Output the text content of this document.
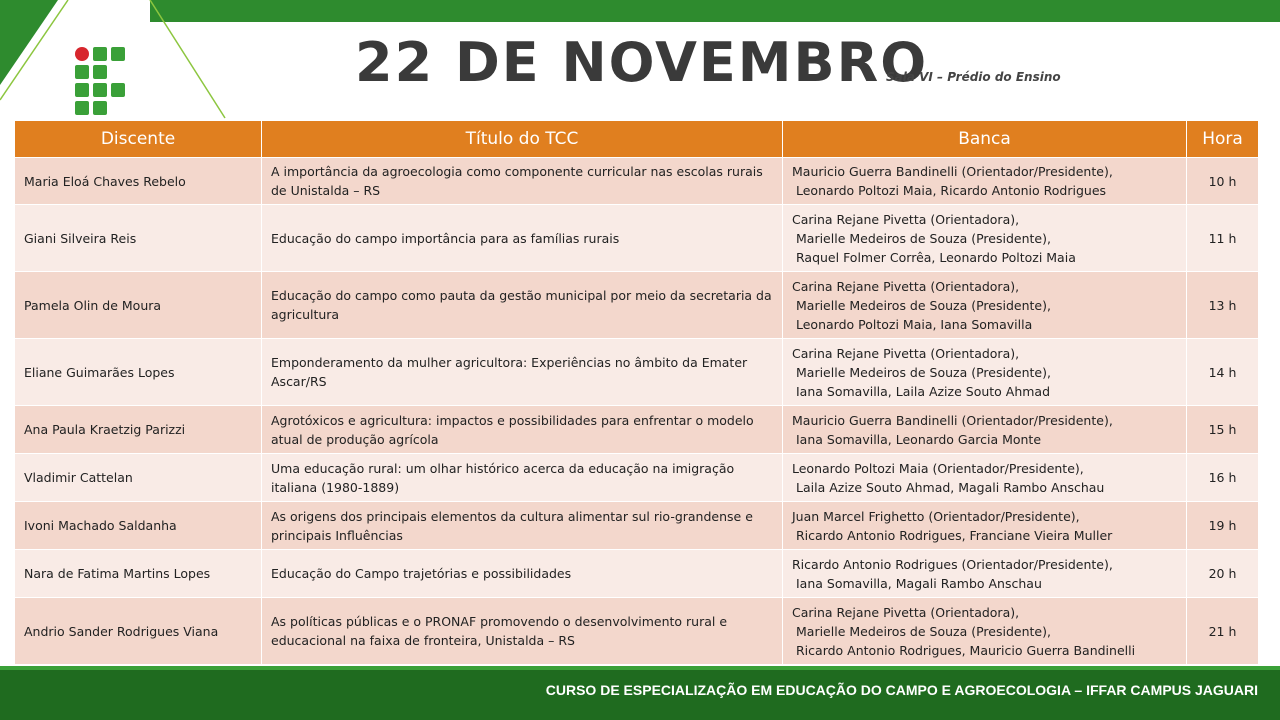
22 DE NOVEMBRO
Sala VI – Prédio do Ensino
Discente	Título do TCC	Banca	Hora
Maria Eloá Chaves Rebelo	A importância da agroecologia como componente curricular nas escolas rurais de Unistalda – RS	Mauricio Guerra Bandinelli (Orientador/Presidente),
Leonardo Poltozi Maia, Ricardo Antonio Rodrigues	10 h
Giani Silveira Reis	Educação do campo importância para as famílias rurais	Carina Rejane Pivetta (Orientadora),
Marielle Medeiros de Souza (Presidente),
Raquel Folmer Corrêa, Leonardo Poltozi Maia	11 h
Pamela Olin de Moura	Educação do campo como pauta da gestão municipal por meio da secretaria da agricultura	Carina Rejane Pivetta (Orientadora),
Marielle Medeiros de Souza (Presidente),
Leonardo Poltozi Maia, Iana Somavilla	13 h
Eliane Guimarães Lopes	Emponderamento da mulher agricultora: Experiências no âmbito da Emater Ascar/RS	Carina Rejane Pivetta (Orientadora),
Marielle Medeiros de Souza (Presidente),
Iana Somavilla, Laila Azize Souto Ahmad	14 h
Ana Paula Kraetzig Parizzi	Agrotóxicos e agricultura: impactos e possibilidades para enfrentar o modelo atual de produção agrícola	Mauricio Guerra Bandinelli (Orientador/Presidente),
Iana Somavilla, Leonardo Garcia Monte	15 h
Vladimir Cattelan	Uma educação rural: um olhar histórico acerca da educação na imigração italiana (1980-1889)	Leonardo Poltozi Maia (Orientador/Presidente),
Laila Azize Souto Ahmad, Magali Rambo Anschau	16 h
Ivoni Machado Saldanha	As origens dos principais elementos da cultura alimentar sul rio-grandense e principais Influências	Juan Marcel Frighetto (Orientador/Presidente),
Ricardo Antonio Rodrigues, Franciane Vieira Muller	19 h
Nara de Fatima Martins Lopes	Educação do Campo trajetórias e possibilidades	Ricardo Antonio Rodrigues (Orientador/Presidente),
Iana Somavilla, Magali Rambo Anschau	20 h
Andrio Sander Rodrigues Viana	As políticas públicas e o PRONAF promovendo o desenvolvimento rural e educacional na faixa de fronteira, Unistalda – RS	Carina Rejane Pivetta (Orientadora),
Marielle Medeiros de Souza (Presidente),
Ricardo Antonio Rodrigues, Mauricio Guerra Bandinelli	21 h
CURSO DE ESPECIALIZAÇÃO EM EDUCAÇÃO DO CAMPO E AGROECOLOGIA – IFFAR CAMPUS JAGUARI
